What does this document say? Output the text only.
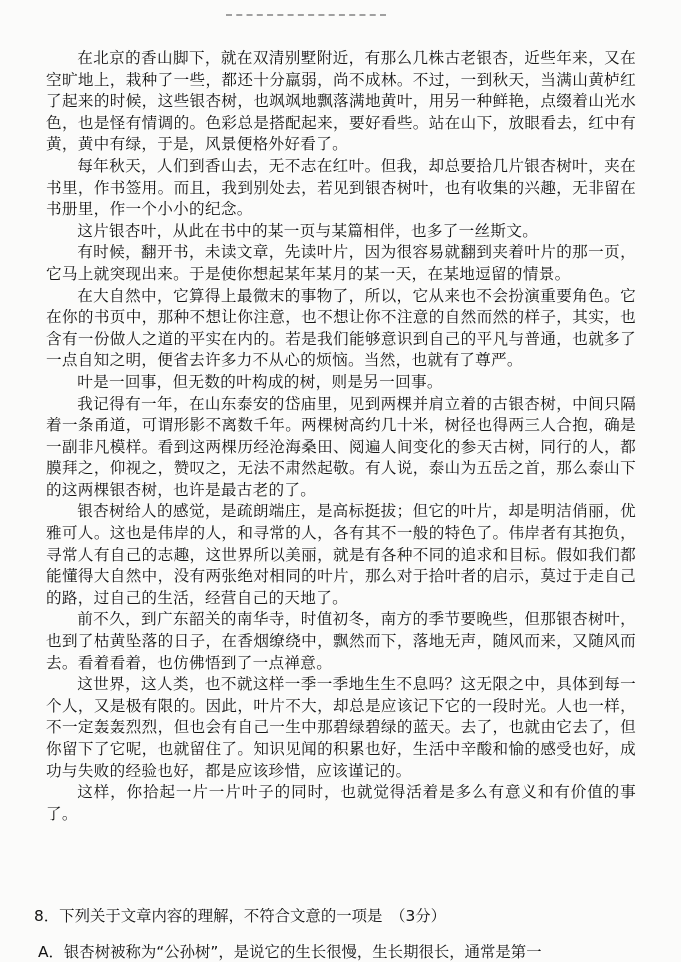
在北京的香山脚下，就在双清别墅附近，有那么几株古老银杏，近些年来，又在空旷地上，栽种了一些，都还十分羸弱，尚不成林。不过，一到秋天，当满山黄栌红了起来的时候，这些银杏树，也飒飒地飘落满地黄叶，用另一种鲜艳，点缀着山光水色，也是怪有情调的。色彩总是搭配起来，要好看些。站在山下，放眼看去，红中有黄，黄中有绿，于是，风景便格外好看了。

每年秋天，人们到香山去，无不志在红叶。但我，却总要拾几片银杏树叶，夹在书里，作书签用。而且，我到别处去，若见到银杏树叶，也有收集的兴趣，无非留在书册里，作一个小小的纪念。

这片银杏叶，从此在书中的某一页与某篇相伴，也多了一丝斯文。

有时候，翻开书，未读文章，先读叶片，因为很容易就翻到夹着叶片的那一页，它马上就突现出来。于是使你想起某年某月的某一天，在某地逗留的情景。

在大自然中，它算得上最微末的事物了，所以，它从来也不会扮演重要角色。它在你的书页中，那种不想让你注意，也不想让你不注意的自然而然的样子，其实，也含有一份做人之道的平实在内的。若是我们能够意识到自己的平凡与普通，也就多了一点自知之明，便省去许多力不从心的烦恼。当然，也就有了尊严。

叶是一回事，但无数的叶构成的树，则是另一回事。

我记得有一年，在山东泰安的岱庙里，见到两棵并肩立着的古银杏树，中间只隔着一条甬道，可谓形影不离数千年。两棵树高约几十米，树径也得两三人合抱，确是一副非凡模样。看到这两棵历经沧海桑田、阅遍人间变化的参天古树，同行的人，都膜拜之，仰视之，赞叹之，无法不肃然起敬。有人说，泰山为五岳之首，那么泰山下的这两棵银杏树，也许是最古老的了。

银杏树给人的感觉，是疏朗端庄，是高标挺拔；但它的叶片，却是明洁俏丽，优雅可人。这也是伟岸的人，和寻常的人，各有其不一般的特色了。伟岸者有其抱负，寻常人有自己的志趣，这世界所以美丽，就是有各种不同的追求和目标。假如我们都能懂得大自然中，没有两张绝对相同的叶片，那么对于拾叶者的启示，莫过于走自己的路，过自己的生活，经营自己的天地了。

前不久，到广东韶关的南华寺，时值初冬，南方的季节要晚些，但那银杏树叶，也到了枯黄坠落的日子，在香烟缭绕中，飘然而下，落地无声，随风而来，又随风而去。看着看着，也仿佛悟到了一点禅意。

这世界，这人类，也不就这样一季一季地生生不息吗？这无限之中，具体到每一个人，又是极有限的。因此，叶片不大，却总是应该记下它的一段时光。人也一样，不一定轰轰烈烈，但也会有自己一生中那碧绿碧绿的蓝天。去了，也就由它去了，但你留下了它呢，也就留住了。知识见闻的积累也好，生活中辛酸和愉的感受也好，成功与失败的经验也好，都是应该珍惜，应该谨记的。

这样，你拾起一片一片叶子的同时，也就觉得活着是多么有意义和有价值的事了。

8．下列关于文章内容的理解，不符合文意的一项是　（3分）

A．银杏树被称为“公孙树”，是说它的生长很慢，生长期很长，通常是第一
